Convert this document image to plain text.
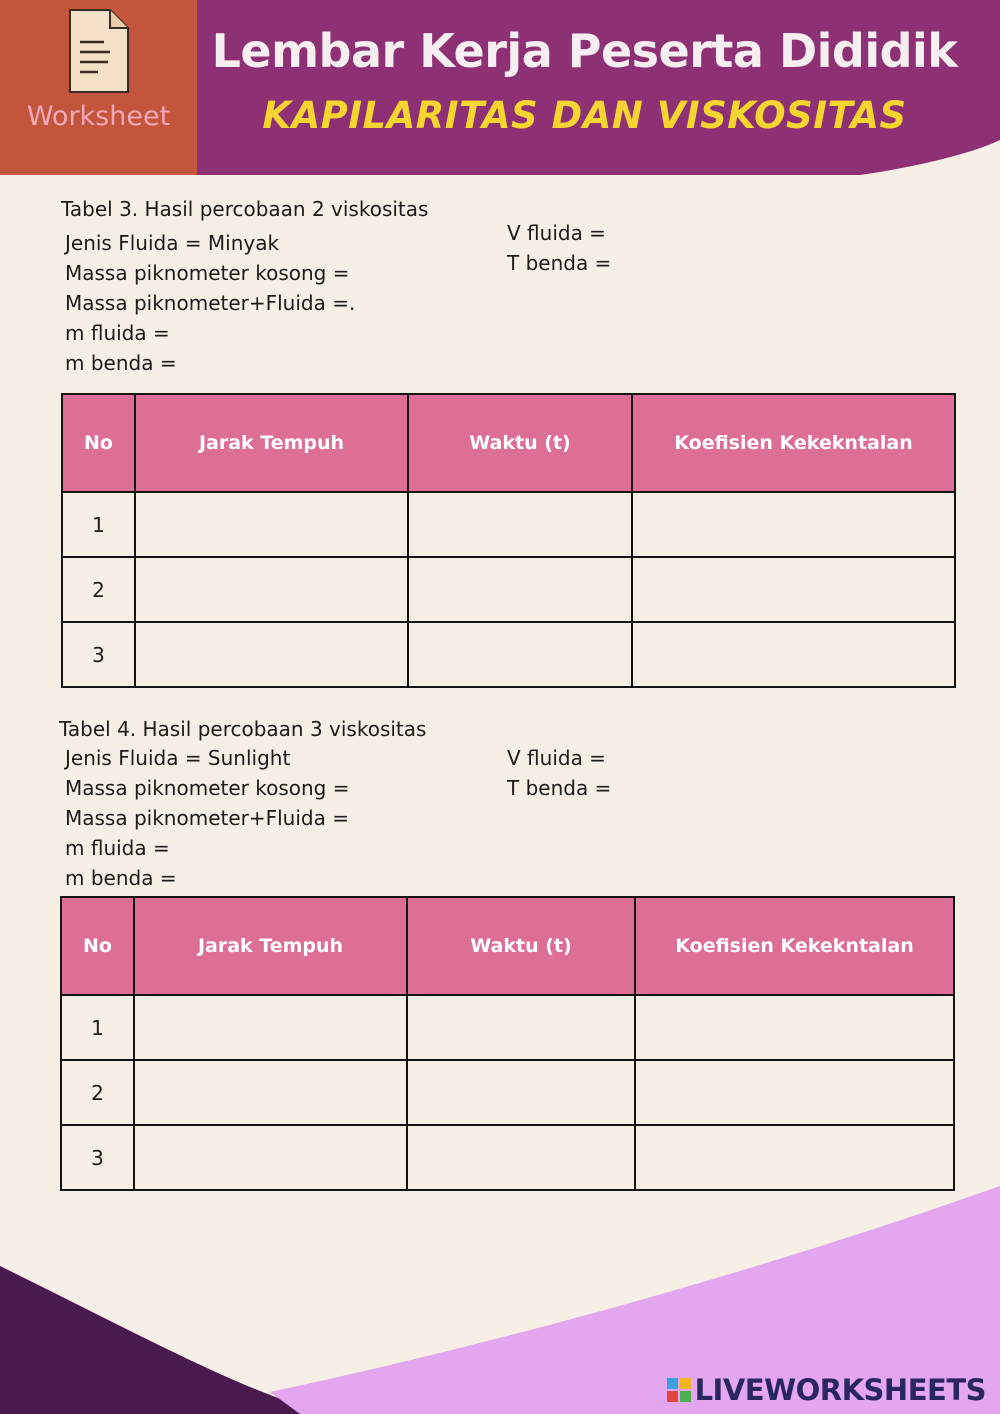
Worksheet
Lembar Kerja Peserta Dididik
KAPILARITAS DAN VISKOSITAS
Tabel 3. Hasil percobaan 2 viskositas
Jenis Fluida = Minyak
Massa piknometer kosong =
Massa piknometer+Fluida =.
m fluida =
m benda =
V fluida =
T benda =
No	Jarak Tempuh	Waktu (t)	Koefisien Kekekntalan
1			
2			
3			
Tabel 4. Hasil percobaan 3 viskositas
Jenis Fluida = Sunlight
Massa piknometer kosong =
Massa piknometer+Fluida =
m fluida =
m benda =
V fluida =
T benda =
No	Jarak Tempuh	Waktu (t)	Koefisien Kekekntalan
1			
2			
3			
LIVEWORKSHEETS
